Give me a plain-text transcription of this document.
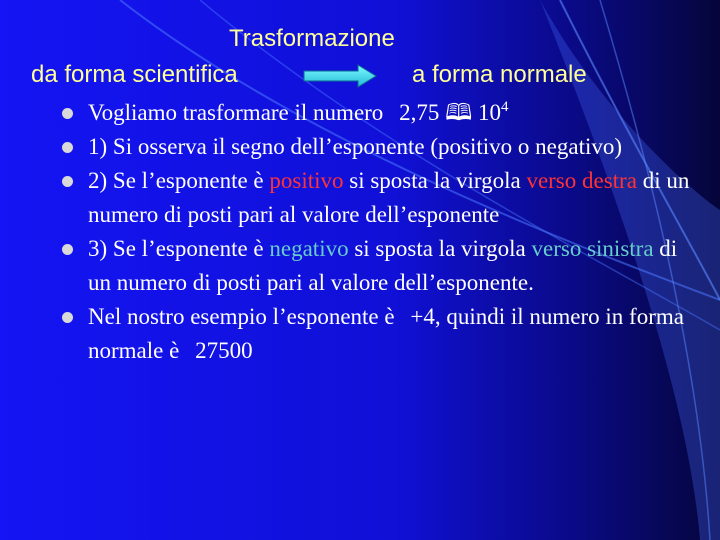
Trasformazione
da forma scientifica	a forma normale
Vogliamo trasformare il numero 2,75 🕮 $10^4$
1) Si osserva il segno dell’esponente (positivo o negativo)
2) Se l’esponente è positivo si sposta la virgola verso destra di un numero di posti pari al valore dell’esponente
3) Se l’esponente è negativo si sposta la virgola verso sinistra di un numero di posti pari al valore dell’esponente.
Nel nostro esempio l’esponente è +4, quindi il numero in forma normale è 27500
